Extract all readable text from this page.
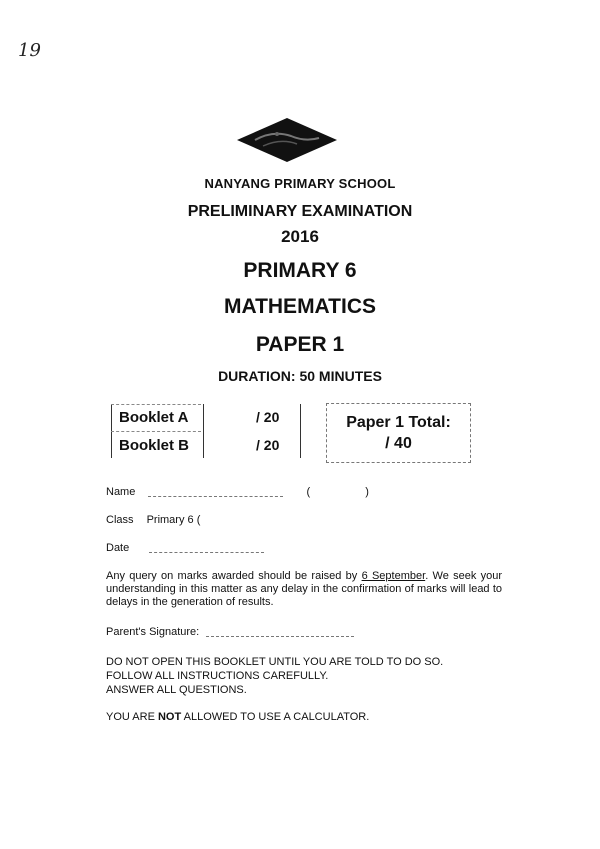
19
NANYANG PRIMARY SCHOOL
PRELIMINARY EXAMINATION
2016
PRIMARY 6
MATHEMATICS
PAPER 1
DURATION: 50 MINUTES
Booklet A	/ 20
Booklet B	/ 20
Paper 1 Total:
/ 40
Name	(	)
Class Primary 6 (
Date
Any query on marks awarded should be raised by 6 September. We seek your understanding in this matter as any delay in the confirmation of marks will lead to delays in the generation of results.
Parent's Signature:
DO NOT OPEN THIS BOOKLET UNTIL YOU ARE TOLD TO DO SO.
FOLLOW ALL INSTRUCTIONS CAREFULLY.
ANSWER ALL QUESTIONS.
YOU ARE NOT ALLOWED TO USE A CALCULATOR.
